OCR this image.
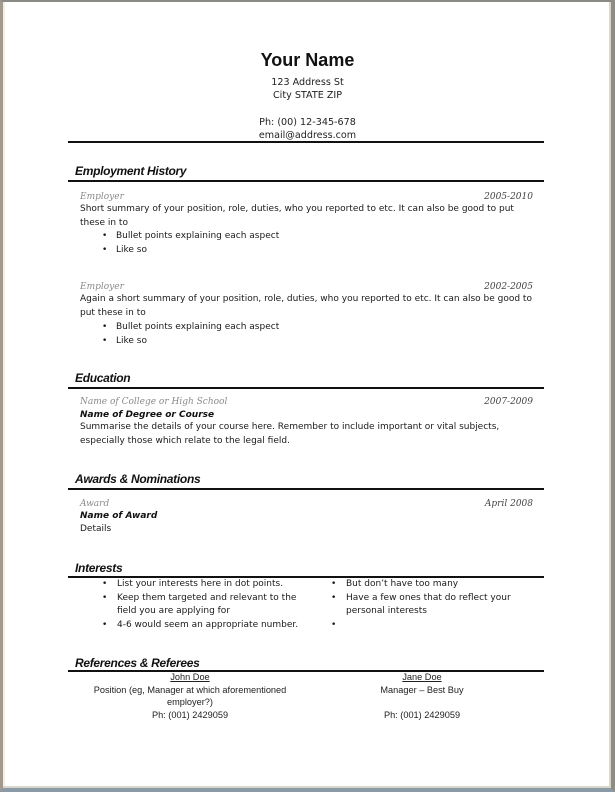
Your Name
123 Address St
City STATE ZIP
Ph: (00) 12-345-678
email@address.com
Employment History
Employer	2005-2010
Short summary of your position, role, duties, who you reported to etc. It can also be good to put
these in to
• Bullet points explaining each aspect
• Like so
Employer	2002-2005
Again a short summary of your position, role, duties, who you reported to etc. It can also be good to
put these in to
• Bullet points explaining each aspect
• Like so
Education
Name of College or High School	2007-2009
Name of Degree or Course
Summarise the details of your course here. Remember to include important or vital subjects,
especially those which relate to the legal field.
Awards & Nominations
Award	April 2008
Name of Award
Details
Interests
• List your interests here in dot points.
• Keep them targeted and relevant to the
field you are applying for
• 4-6 would seem an appropriate number.
• But don’t have too many
• Have a few ones that do reflect your
personal interests
•
References & Referees
John Doe
Position (eg, Manager at which aforementioned
employer?)
Ph: (001) 2429059
Jane Doe
Manager – Best Buy
Ph: (001) 2429059
